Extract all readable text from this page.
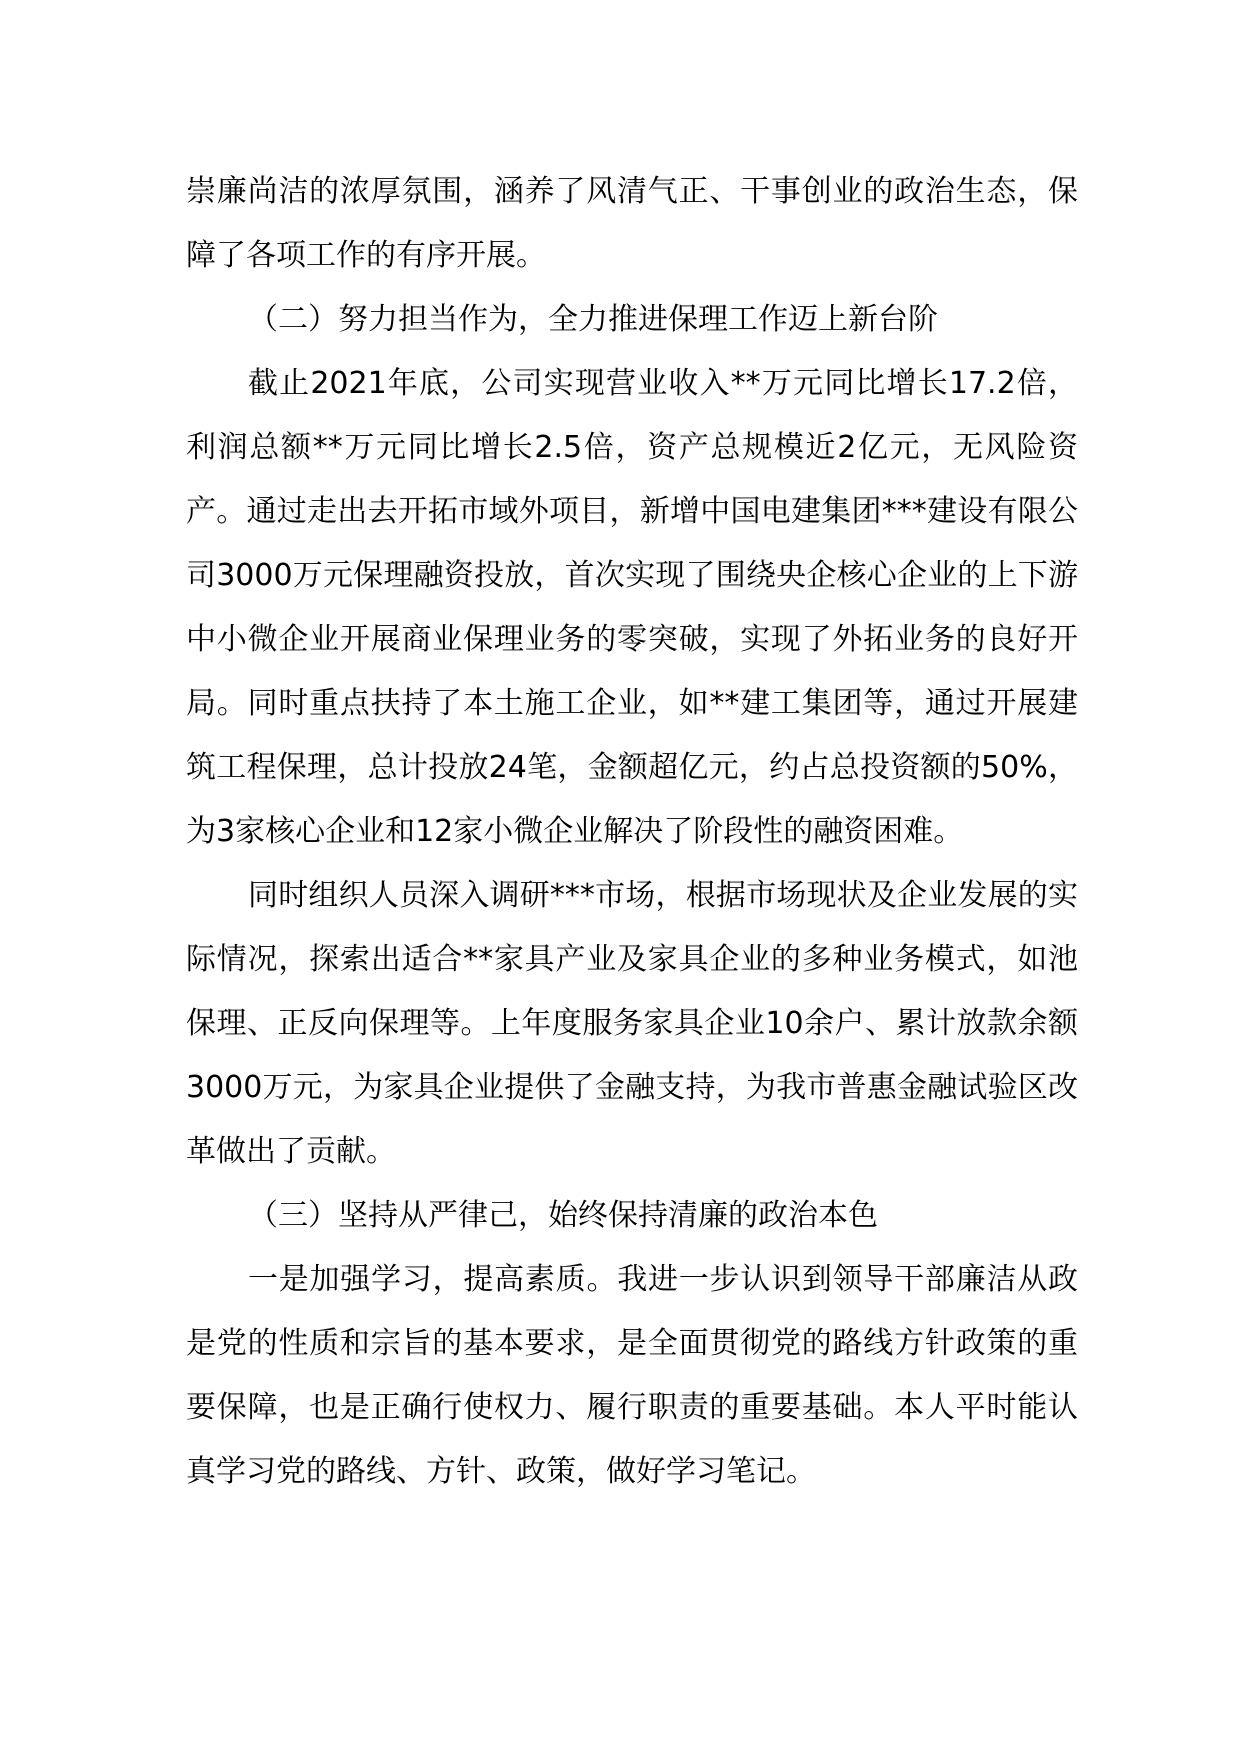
崇廉尚洁的浓厚氛围，涵养了风清气正、干事创业的政治生态，保障了各项工作的有序开展。

（二）努力担当作为，全力推进保理工作迈上新台阶

截止2021年底，公司实现营业收入**万元同比增长17.2倍，利润总额**万元同比增长2.5倍，资产总规模近2亿元，无风险资产。通过走出去开拓市域外项目，新增中国电建集团***建设有限公司3000万元保理融资投放，首次实现了围绕央企核心企业的上下游中小微企业开展商业保理业务的零突破，实现了外拓业务的良好开局。同时重点扶持了本土施工企业，如**建工集团等，通过开展建筑工程保理，总计投放24笔，金额超亿元，约占总投资额的50%，为3家核心企业和12家小微企业解决了阶段性的融资困难。

同时组织人员深入调研***市场，根据市场现状及企业发展的实际情况，探索出适合**家具产业及家具企业的多种业务模式，如池保理、正反向保理等。上年度服务家具企业10余户、累计放款余额3000万元，为家具企业提供了金融支持，为我市普惠金融试验区改革做出了贡献。

（三）坚持从严律己，始终保持清廉的政治本色

一是加强学习，提高素质。我进一步认识到领导干部廉洁从政是党的性质和宗旨的基本要求，是全面贯彻党的路线方针政策的重要保障，也是正确行使权力、履行职责的重要基础。本人平时能认真学习党的路线、方针、政策，做好学习笔记。
